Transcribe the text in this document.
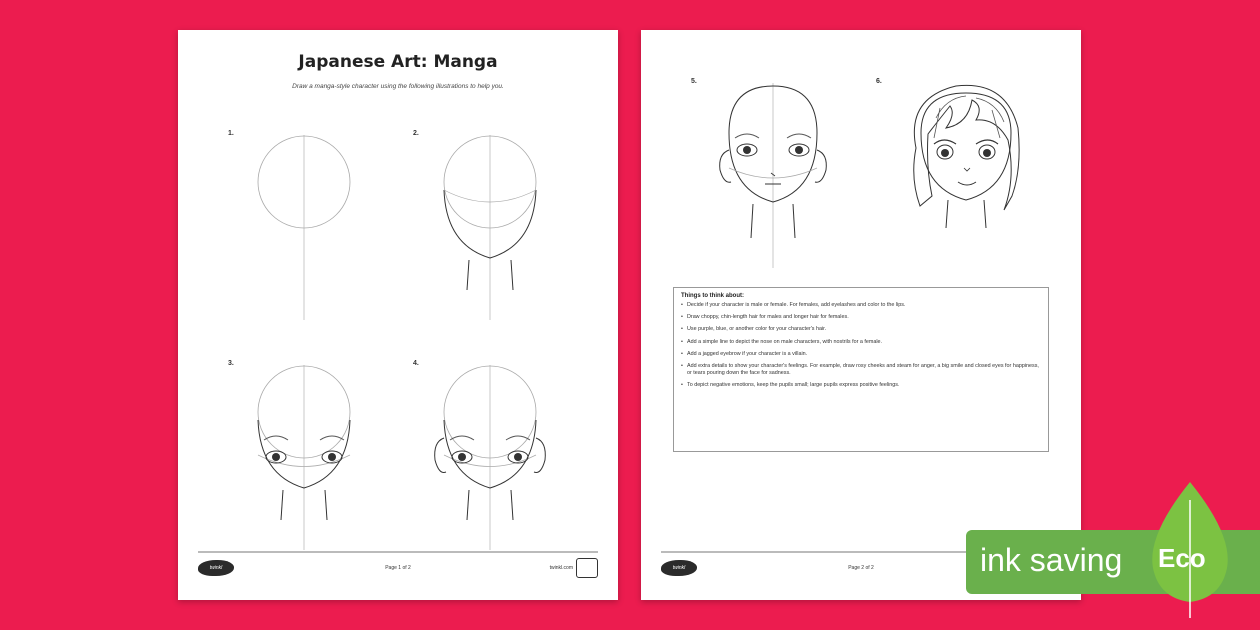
Japanese Art: Manga
Draw a manga-style character using the following illustrations to help you.
1.	2.
3.	4.
twinkl	Page 1 of 2	twinkl.com
5.	6.
Things to think about:
• Decide if your character is male or female. For females, add eyelashes and color to the lips.
• Draw choppy, chin-length hair for males and longer hair for females.
• Use purple, blue, or another color for your character's hair.
• Add a simple line to depict the nose on male characters, with nostrils for a female.
• Add a jagged eyebrow if your character is a villain.
• Add extra details to show your character's feelings. For example, draw rosy cheeks and steam for anger, a big smile and closed eyes for happiness, or tears pouring down the face for sadness.
• To depict negative emotions, keep the pupils small; large pupils express positive feelings.
twinkl	Page 2 of 2	ink saving Eco
